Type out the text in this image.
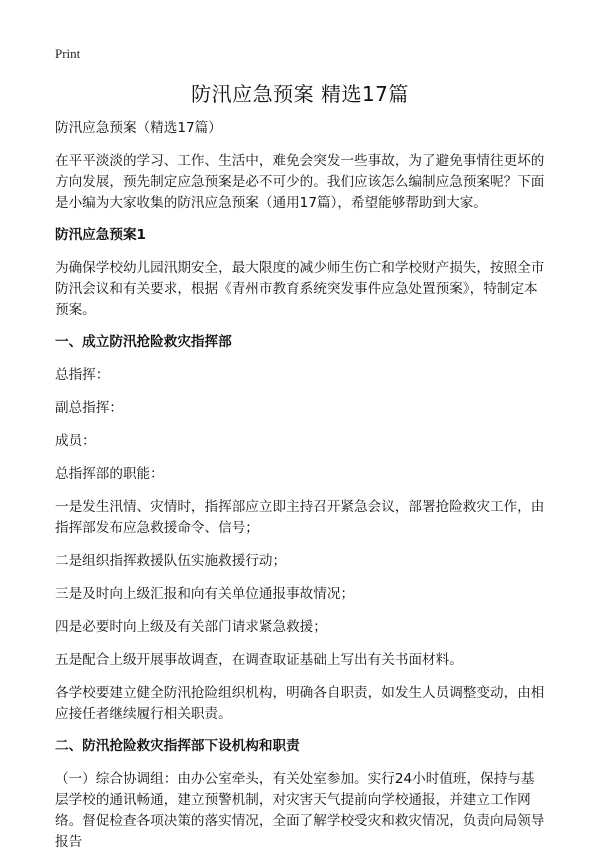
Print
防汛应急预案 精选17篇

防汛应急预案（精选17篇）

在平平淡淡的学习、工作、生活中，难免会突发一些事故，为了避免事情往更坏的方向发展，预先制定应急预案是必不可少的。我们应该怎么编制应急预案呢？下面是小编为大家收集的防汛应急预案（通用17篇），希望能够帮助到大家。

防汛应急预案1

为确保学校幼儿园汛期安全，最大限度的减少师生伤亡和学校财产损失，按照全市防汛会议和有关要求，根据《青州市教育系统突发事件应急处置预案》，特制定本预案。

一、成立防汛抢险救灾指挥部

总指挥：

副总指挥：

成员：

总指挥部的职能：

一是发生汛情、灾情时，指挥部应立即主持召开紧急会议，部署抢险救灾工作，由指挥部发布应急救援命令、信号；

二是组织指挥救援队伍实施救援行动；

三是及时向上级汇报和向有关单位通报事故情况；

四是必要时向上级及有关部门请求紧急救援；

五是配合上级开展事故调查，在调查取证基础上写出有关书面材料。

各学校要建立健全防汛抢险组织机构，明确各自职责，如发生人员调整变动，由相应接任者继续履行相关职责。

二、防汛抢险救灾指挥部下设机构和职责

（一）综合协调组：由办公室牵头，有关处室参加。实行24小时值班，保持与基层学校的通讯畅通，建立预警机制，对灾害天气提前向学校通报，并建立工作网络。督促检查各项决策的落实情况，全面了解学校受灾和救灾情况，负责向局领导报告
